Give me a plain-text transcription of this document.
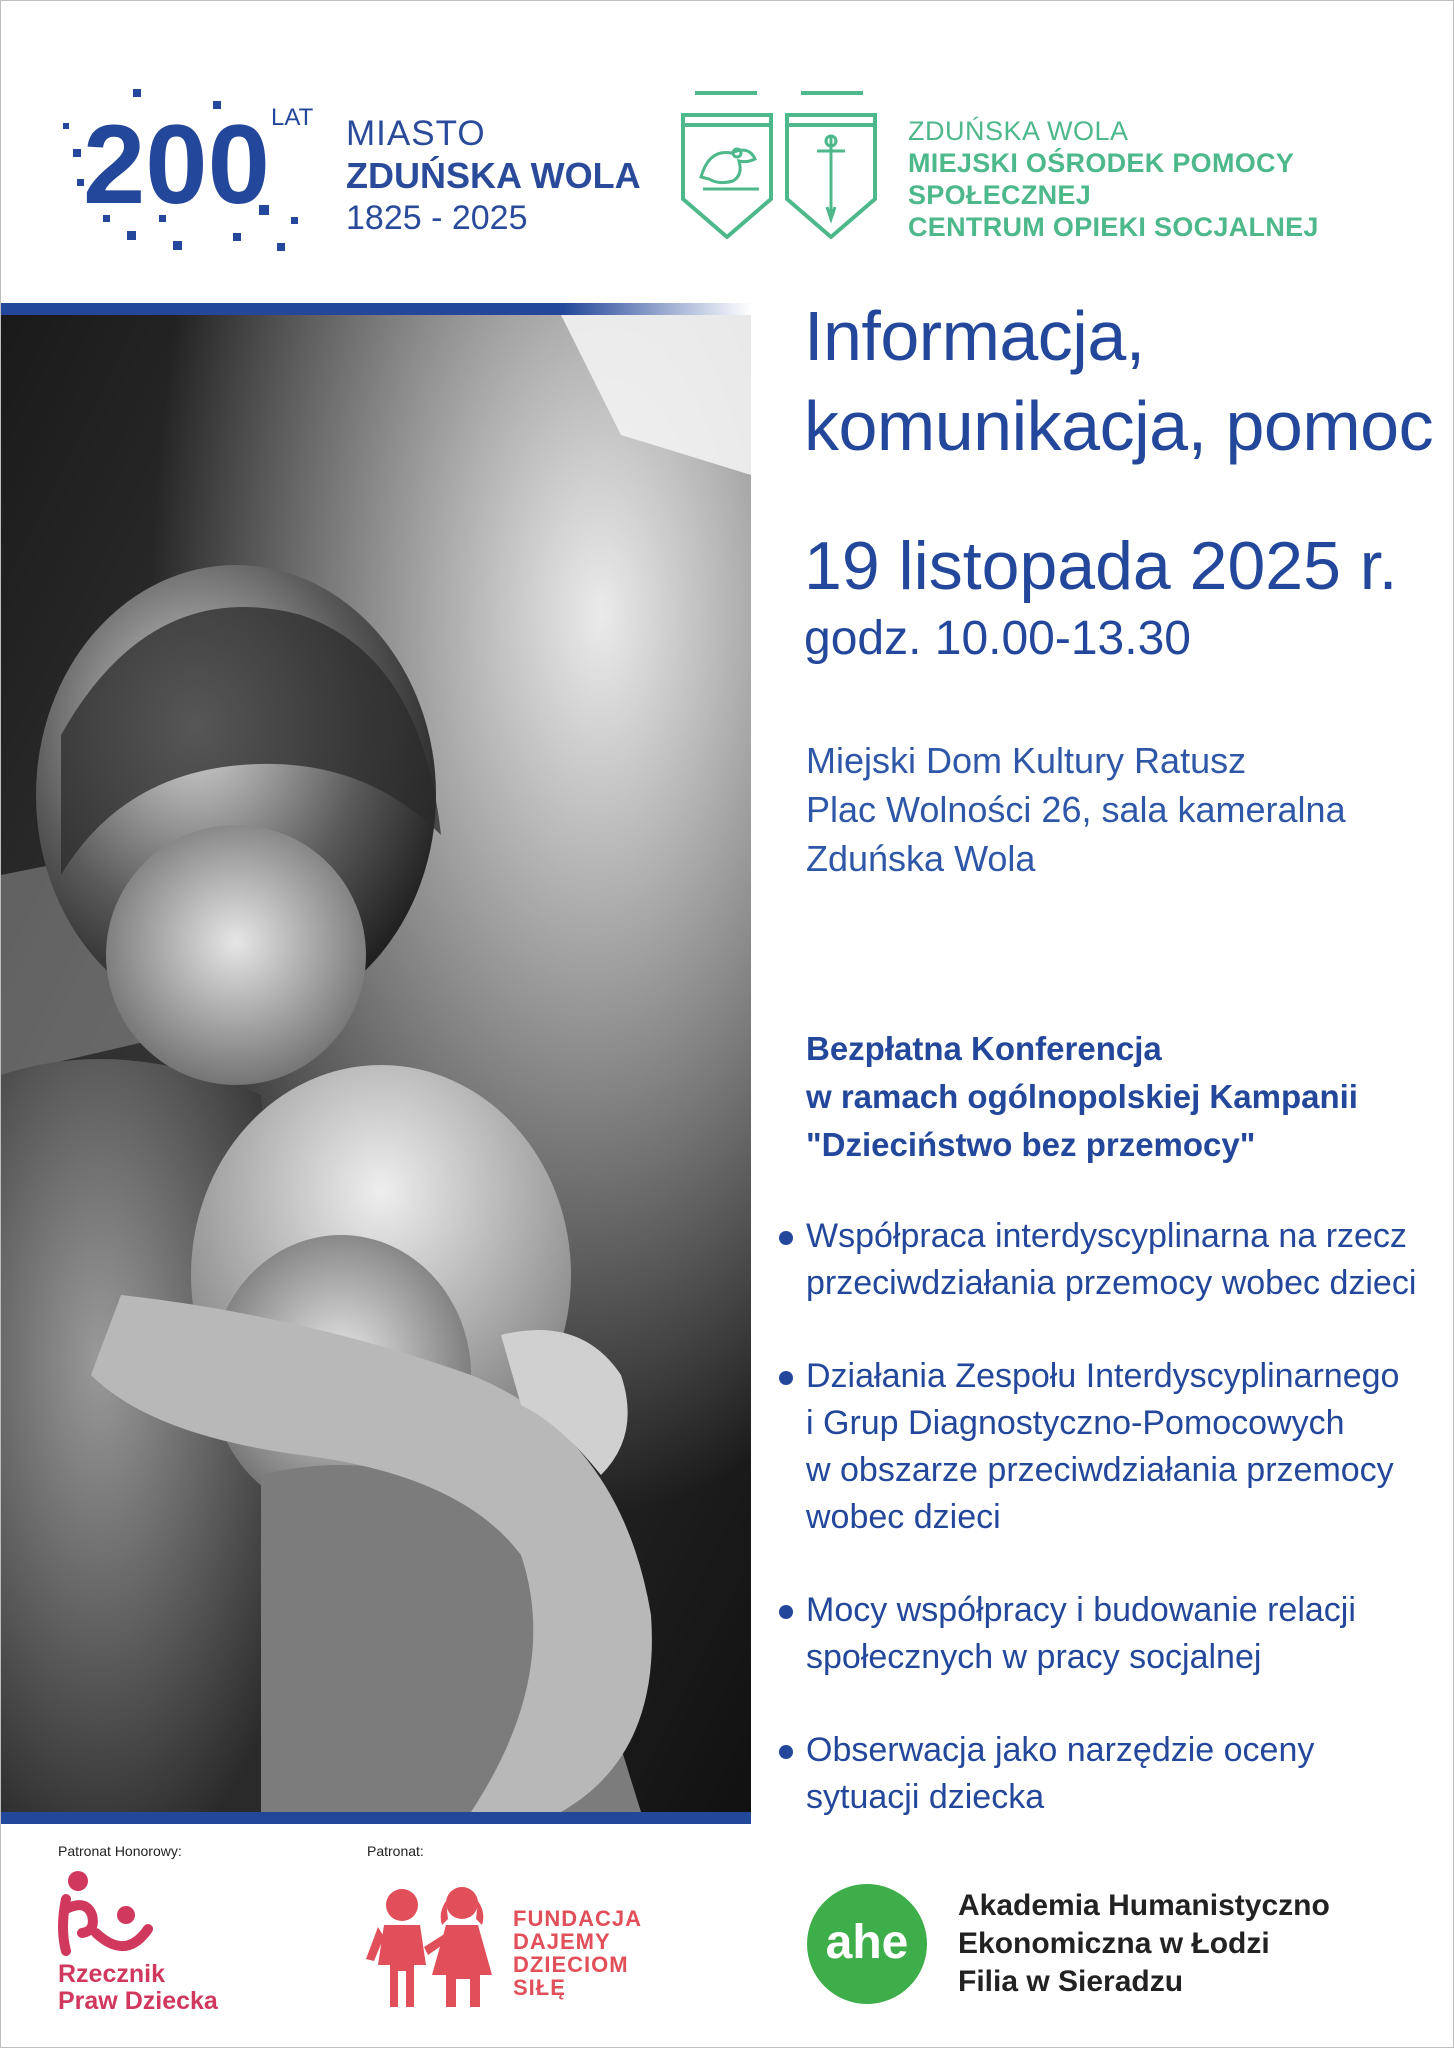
200 LAT MIASTO
ZDUŃSKA WOLA
1825 - 2025
ZDUŃSKA WOLA
MIEJSKI OŚRODEK POMOCY SPOŁECZNEJ
CENTRUM OPIEKI SOCJALNEJ
Informacja,
komunikacja, pomoc
19 listopada 2025 r.
godz. 10.00-13.30
Miejski Dom Kultury Ratusz
Plac Wolności 26, sala kameralna
Zduńska Wola
Bezpłatna Konferencja
w ramach ogólnopolskiej Kampanii
"Dzieciństwo bez przemocy"
Współpraca interdyscyplinarna na rzecz
przeciwdziałania przemocy wobec dzieci
Działania Zespołu Interdyscyplinarnego
i Grup Diagnostyczno-Pomocowych
w obszarze przeciwdziałania przemocy
wobec dzieci
Mocy współpracy i budowanie relacji
społecznych w pracy socjalnej
Obserwacja jako narzędzie oceny
sytuacji dziecka
Patronat Honorowy:	Patronat:
Rzecznik
Praw Dziecka
FUNDACJA
DAJEMY
DZIECIOM
SIŁĘ
ahe
Akademia Humanistyczno
Ekonomiczna w Łodzi
Filia w Sieradzu
